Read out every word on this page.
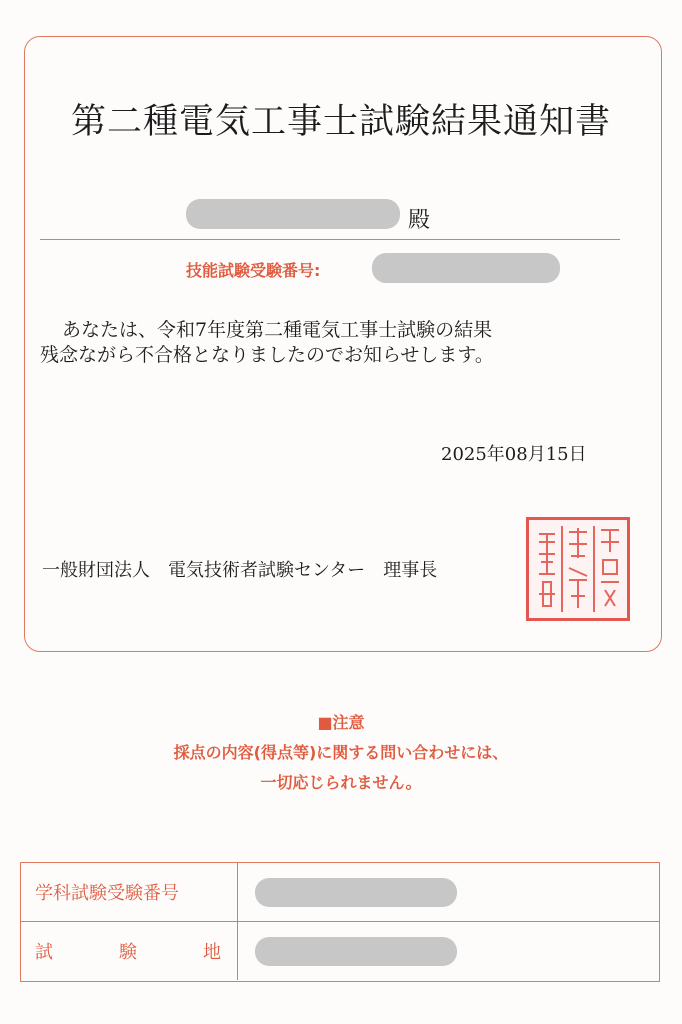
第二種電気工事士試験結果通知書
殿
技能試験受験番号:
あなたは、令和7年度第二種電気工事士試験の結果
残念ながら不合格となりましたのでお知らせします。
2025年08月15日
一般財団法人　電気技術者試験センター　理事長
■注意
採点の内容(得点等)に関する問い合わせには、
一切応じられません。
学科試験受験番号
試	験	地
